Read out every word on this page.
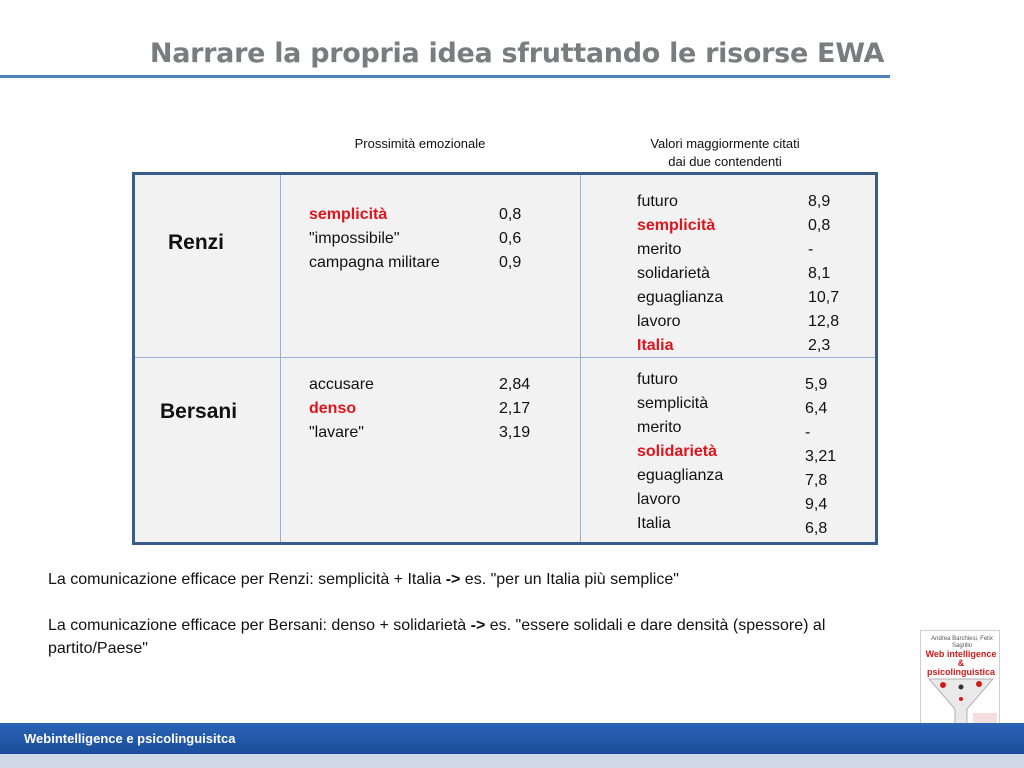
Narrare la propria idea sfruttando le risorse EWA
Prossimità emozionale	Valori maggiormente citati
dai due contendenti
Renzi
semplicità
"impossibile"
campagna militare
0,8
0,6
0,9
futuro
semplicità
merito
solidarietà
eguaglianza
lavoro
Italia
8,9
0,8
-
8,1
10,7
12,8
2,3
Bersani
accusare
denso
"lavare"
2,84
2,17
3,19
futuro
semplicità
merito
solidarietà
eguaglianza
lavoro
Italia
5,9
6,4
-
3,21
7,8
9,4
6,8

La comunicazione efficace per Renzi: semplicità + Italia -> es. "per un Italia più semplice"

La comunicazione efficace per Bersani: denso + solidarietà -> es. "essere solidali e dare densità (spessore) al partito/Paese"

Andrea Barchiesi, Felix Sagrillo
Web intelligence & psicolinguistica
Webintelligence e psicolinguisitca
